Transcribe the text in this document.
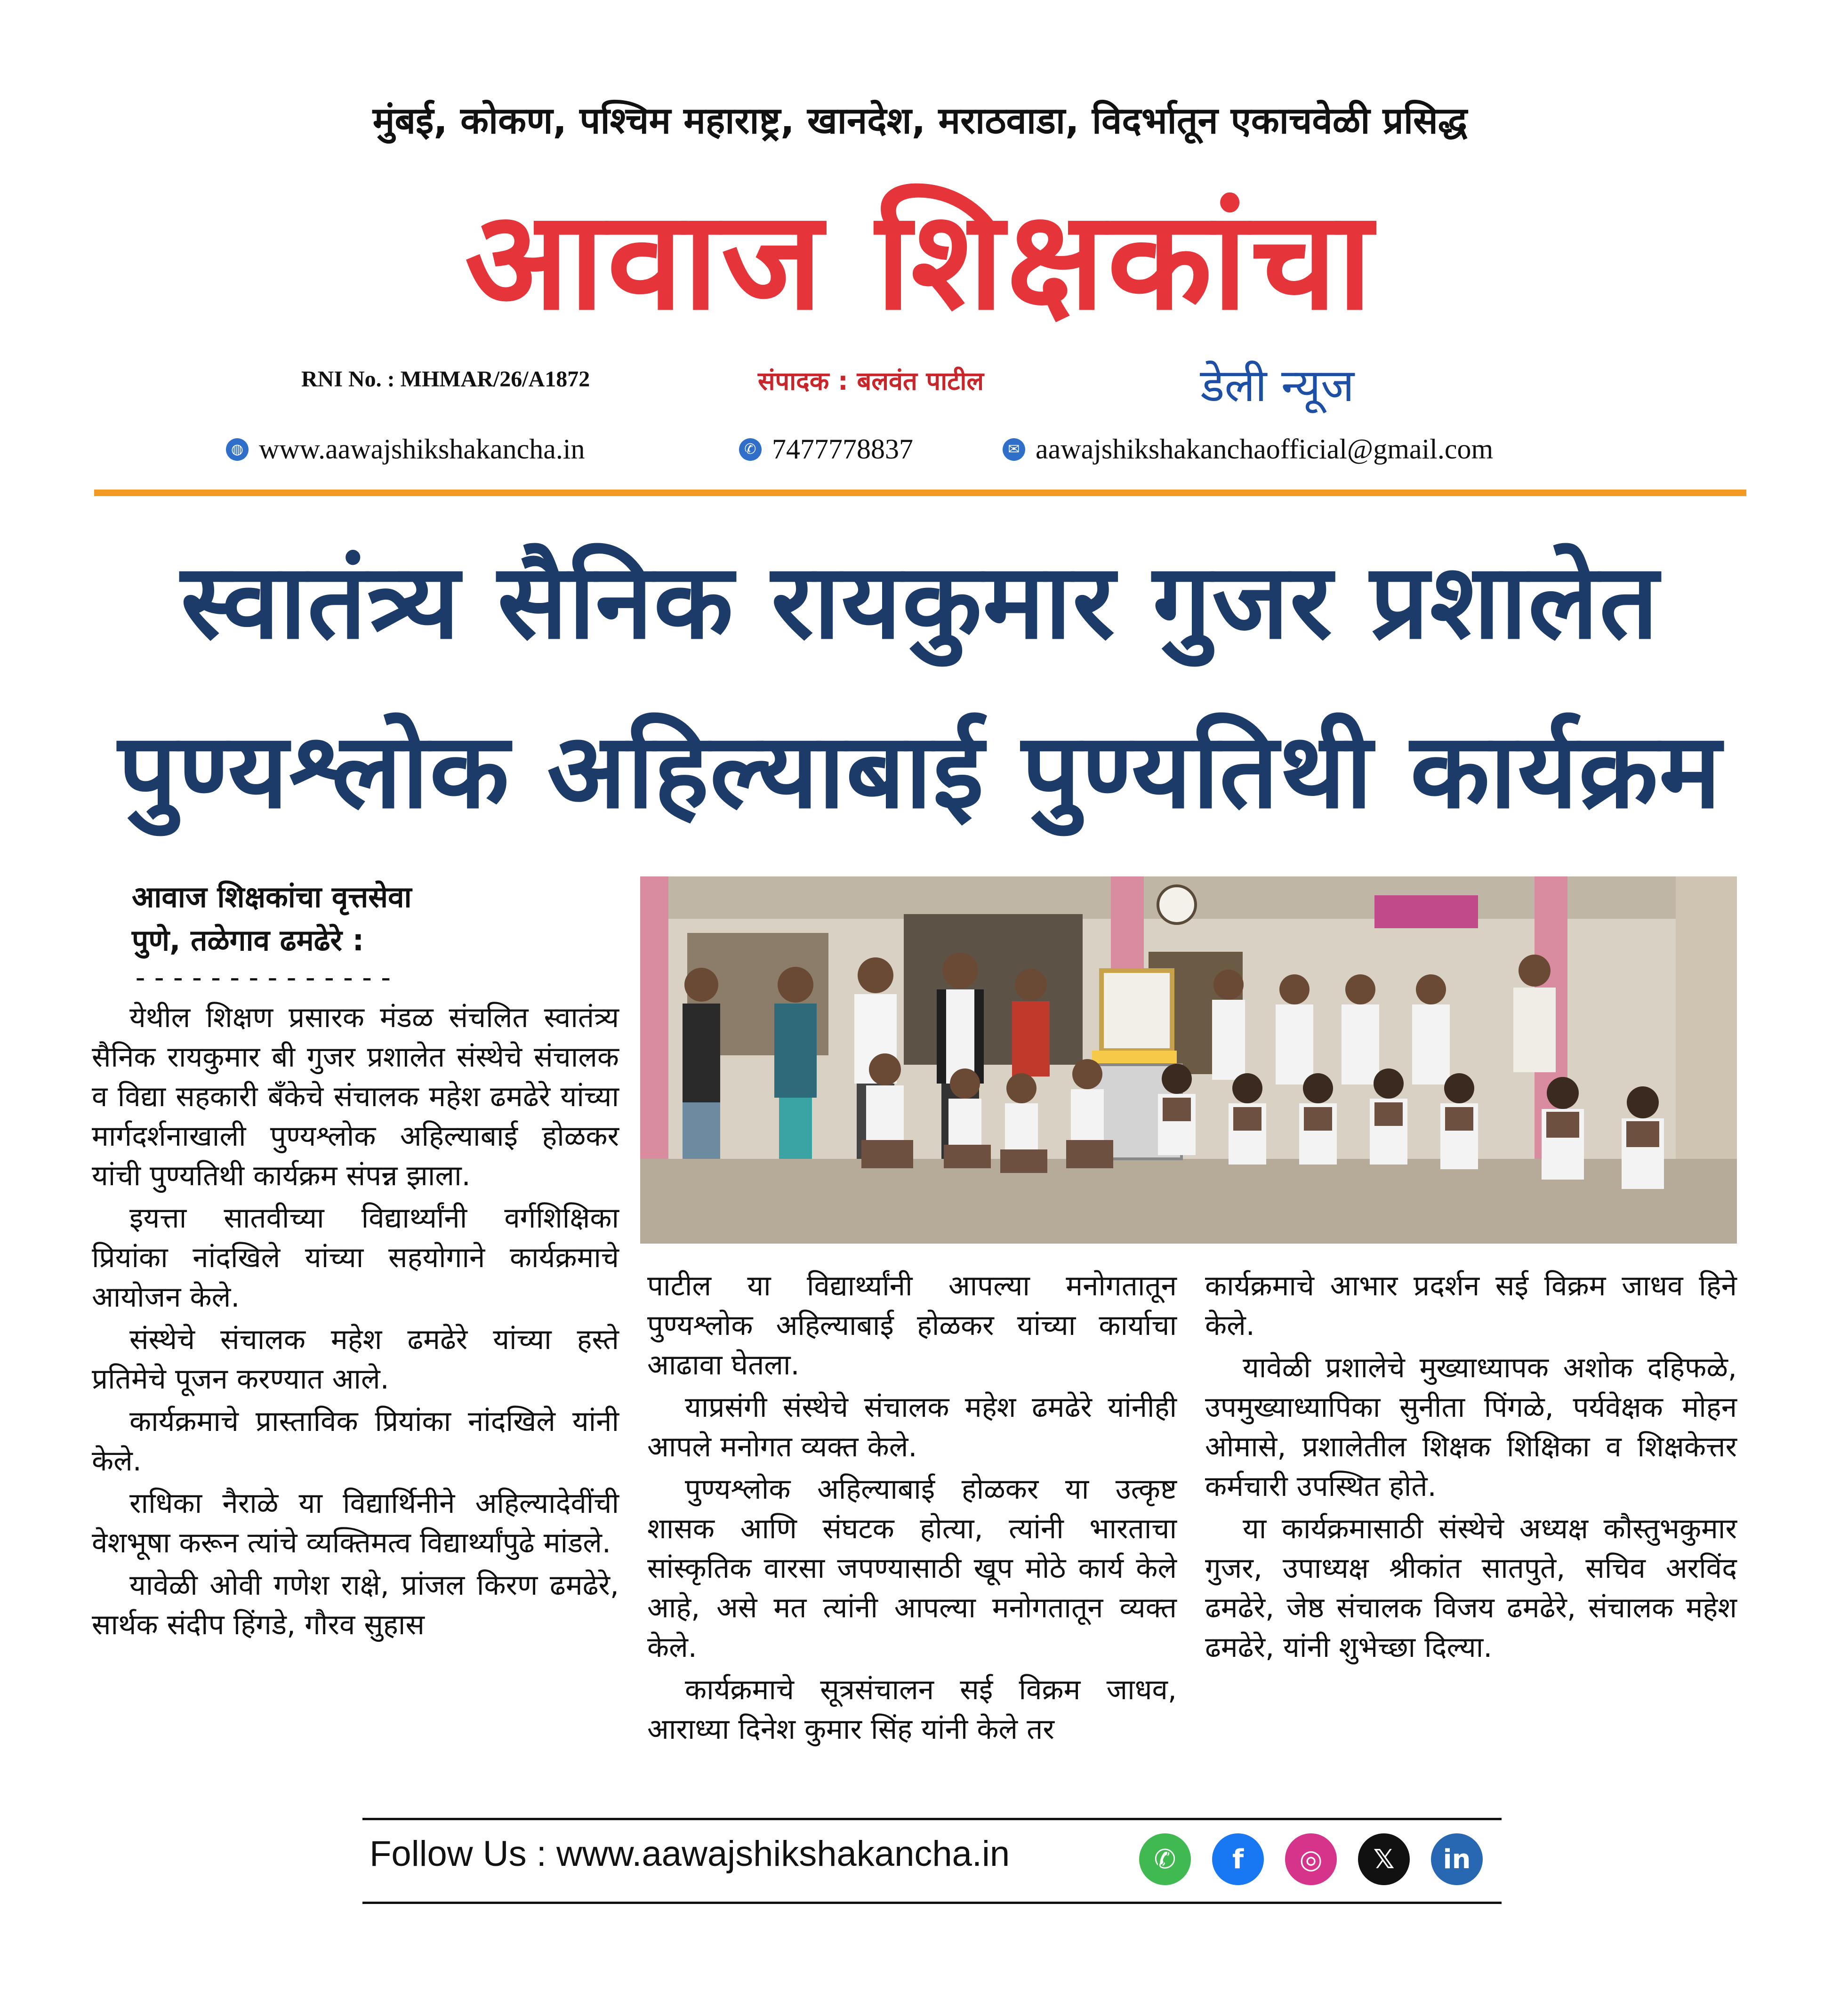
मुंबई, कोकण, पश्चिम महाराष्ट्र, खानदेश, मराठवाडा, विदर्भातून एकाचवेळी प्रसिद्ध
आवाज शिक्षकांचा
RNI No. : MHMAR/26/A1872	संपादक : बलवंत पाटील	डेली न्यूज
◍ www.aawajshikshakancha.in	✆ 7477778837	✉ aawajshikshakanchaofficial@gmail.com
स्वातंत्र्य सैनिक रायकुमार गुजर प्रशालेत
पुण्यश्लोक अहिल्याबाई पुण्यतिथी कार्यक्रम
आवाज शिक्षकांचा वृत्तसेवा
पुणे, तळेगाव ढमढेरे :
--------------

येथील शिक्षण प्रसारक मंडळ संचलित स्वातंत्र्य सैनिक रायकुमार बी गुजर प्रशालेत संस्थेचे संचालक व विद्या सहकारी बँकेचे संचालक महेश ढमढेरे यांच्या मार्गदर्शनाखाली पुण्यश्लोक अहिल्याबाई होळकर यांची पुण्यतिथी कार्यक्रम संपन्न झाला.

इयत्ता सातवीच्या विद्यार्थ्यांनी वर्गशिक्षिका प्रियांका नांदखिले यांच्या सहयोगाने कार्यक्रमाचे आयोजन केले.

संस्थेचे संचालक महेश ढमढेरे यांच्या हस्ते प्रतिमेचे पूजन करण्यात आले.

कार्यक्रमाचे प्रास्ताविक प्रियांका नांदखिले यांनी केले.

राधिका नैराळे या विद्यार्थिनीने अहिल्यादेवींची वेशभूषा करून त्यांचे व्यक्तिमत्व विद्यार्थ्यांपुढे मांडले.

यावेळी ओवी गणेश राक्षे, प्रांजल किरण ढमढेरे, सार्थक संदीप हिंगडे, गौरव सुहास

पाटील या विद्यार्थ्यांनी आपल्या मनोगतातून पुण्यश्लोक अहिल्याबाई होळकर यांच्या कार्याचा आढावा घेतला.

याप्रसंगी संस्थेचे संचालक महेश ढमढेरे यांनीही आपले मनोगत व्यक्त केले.

पुण्यश्लोक अहिल्याबाई होळकर या उत्कृष्ट शासक आणि संघटक होत्या, त्यांनी भारताचा सांस्कृतिक वारसा जपण्यासाठी खूप मोठे कार्य केले आहे, असे मत त्यांनी आपल्या मनोगतातून व्यक्त केले.

कार्यक्रमाचे सूत्रसंचालन सई विक्रम जाधव, आराध्या दिनेश कुमार सिंह यांनी केले तर

कार्यक्रमाचे आभार प्रदर्शन सई विक्रम जाधव हिने केले.

यावेळी प्रशालेचे मुख्याध्यापक अशोक दहिफळे, उपमुख्याध्यापिका सुनीता पिंगळे, पर्यवेक्षक मोहन ओमासे, प्रशालेतील शिक्षक शिक्षिका व शिक्षकेत्तर कर्मचारी उपस्थित होते.

या कार्यक्रमासाठी संस्थेचे अध्यक्ष कौस्तुभकुमार गुजर, उपाध्यक्ष श्रीकांत सातपुते, सचिव अरविंद ढमढेरे, जेष्ठ संचालक विजय ढमढेरे, संचालक महेश ढमढेरे, यांनी शुभेच्छा दिल्या.

Follow Us : www.aawajshikshakancha.in	✆	f	◎	𝕏	in
